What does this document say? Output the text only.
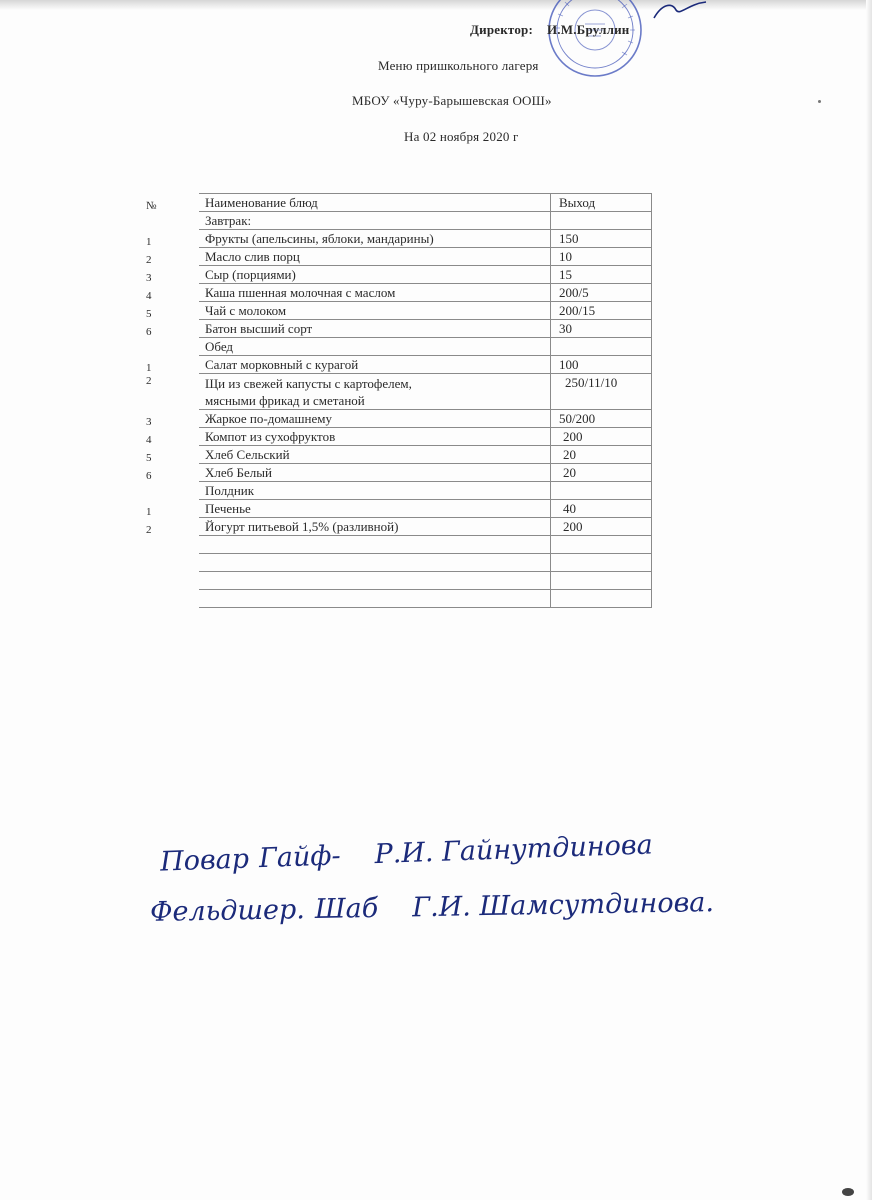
Директор: И.М.Бруллин
Меню пришкольного лагеря
МБОУ «Чуру-Барышевская ООШ»
На 02 ноября 2020 г
№	Наименование блюд	Выход
	Завтрак:	
1	Фрукты (апельсины, яблоки, мандарины)	150
2	Масло слив порц	10
3	Сыр (порциями)	15
4	Каша пшенная молочная с маслом	200/5
5	Чай с молоком	200/15
6	Батон высший сорт	30
	Обед	
1	Салат морковный с курагой	100
2	Щи из свежей капусты с картофелем,
мясными фрикад и сметаной	250/11/10
3	Жаркое по-домашнему	50/200
4	Компот из сухофруктов	200
5	Хлеб Сельский	20
6	Хлеб Белый	20
	Полдник	
1	Печенье	40
2	Йогурт питьевой 1,5% (разливной)	200

Повар Гайф- Р.И. Гайнутдинова
Фельдшер. Шаб Г.И. Шамсутдинова.
